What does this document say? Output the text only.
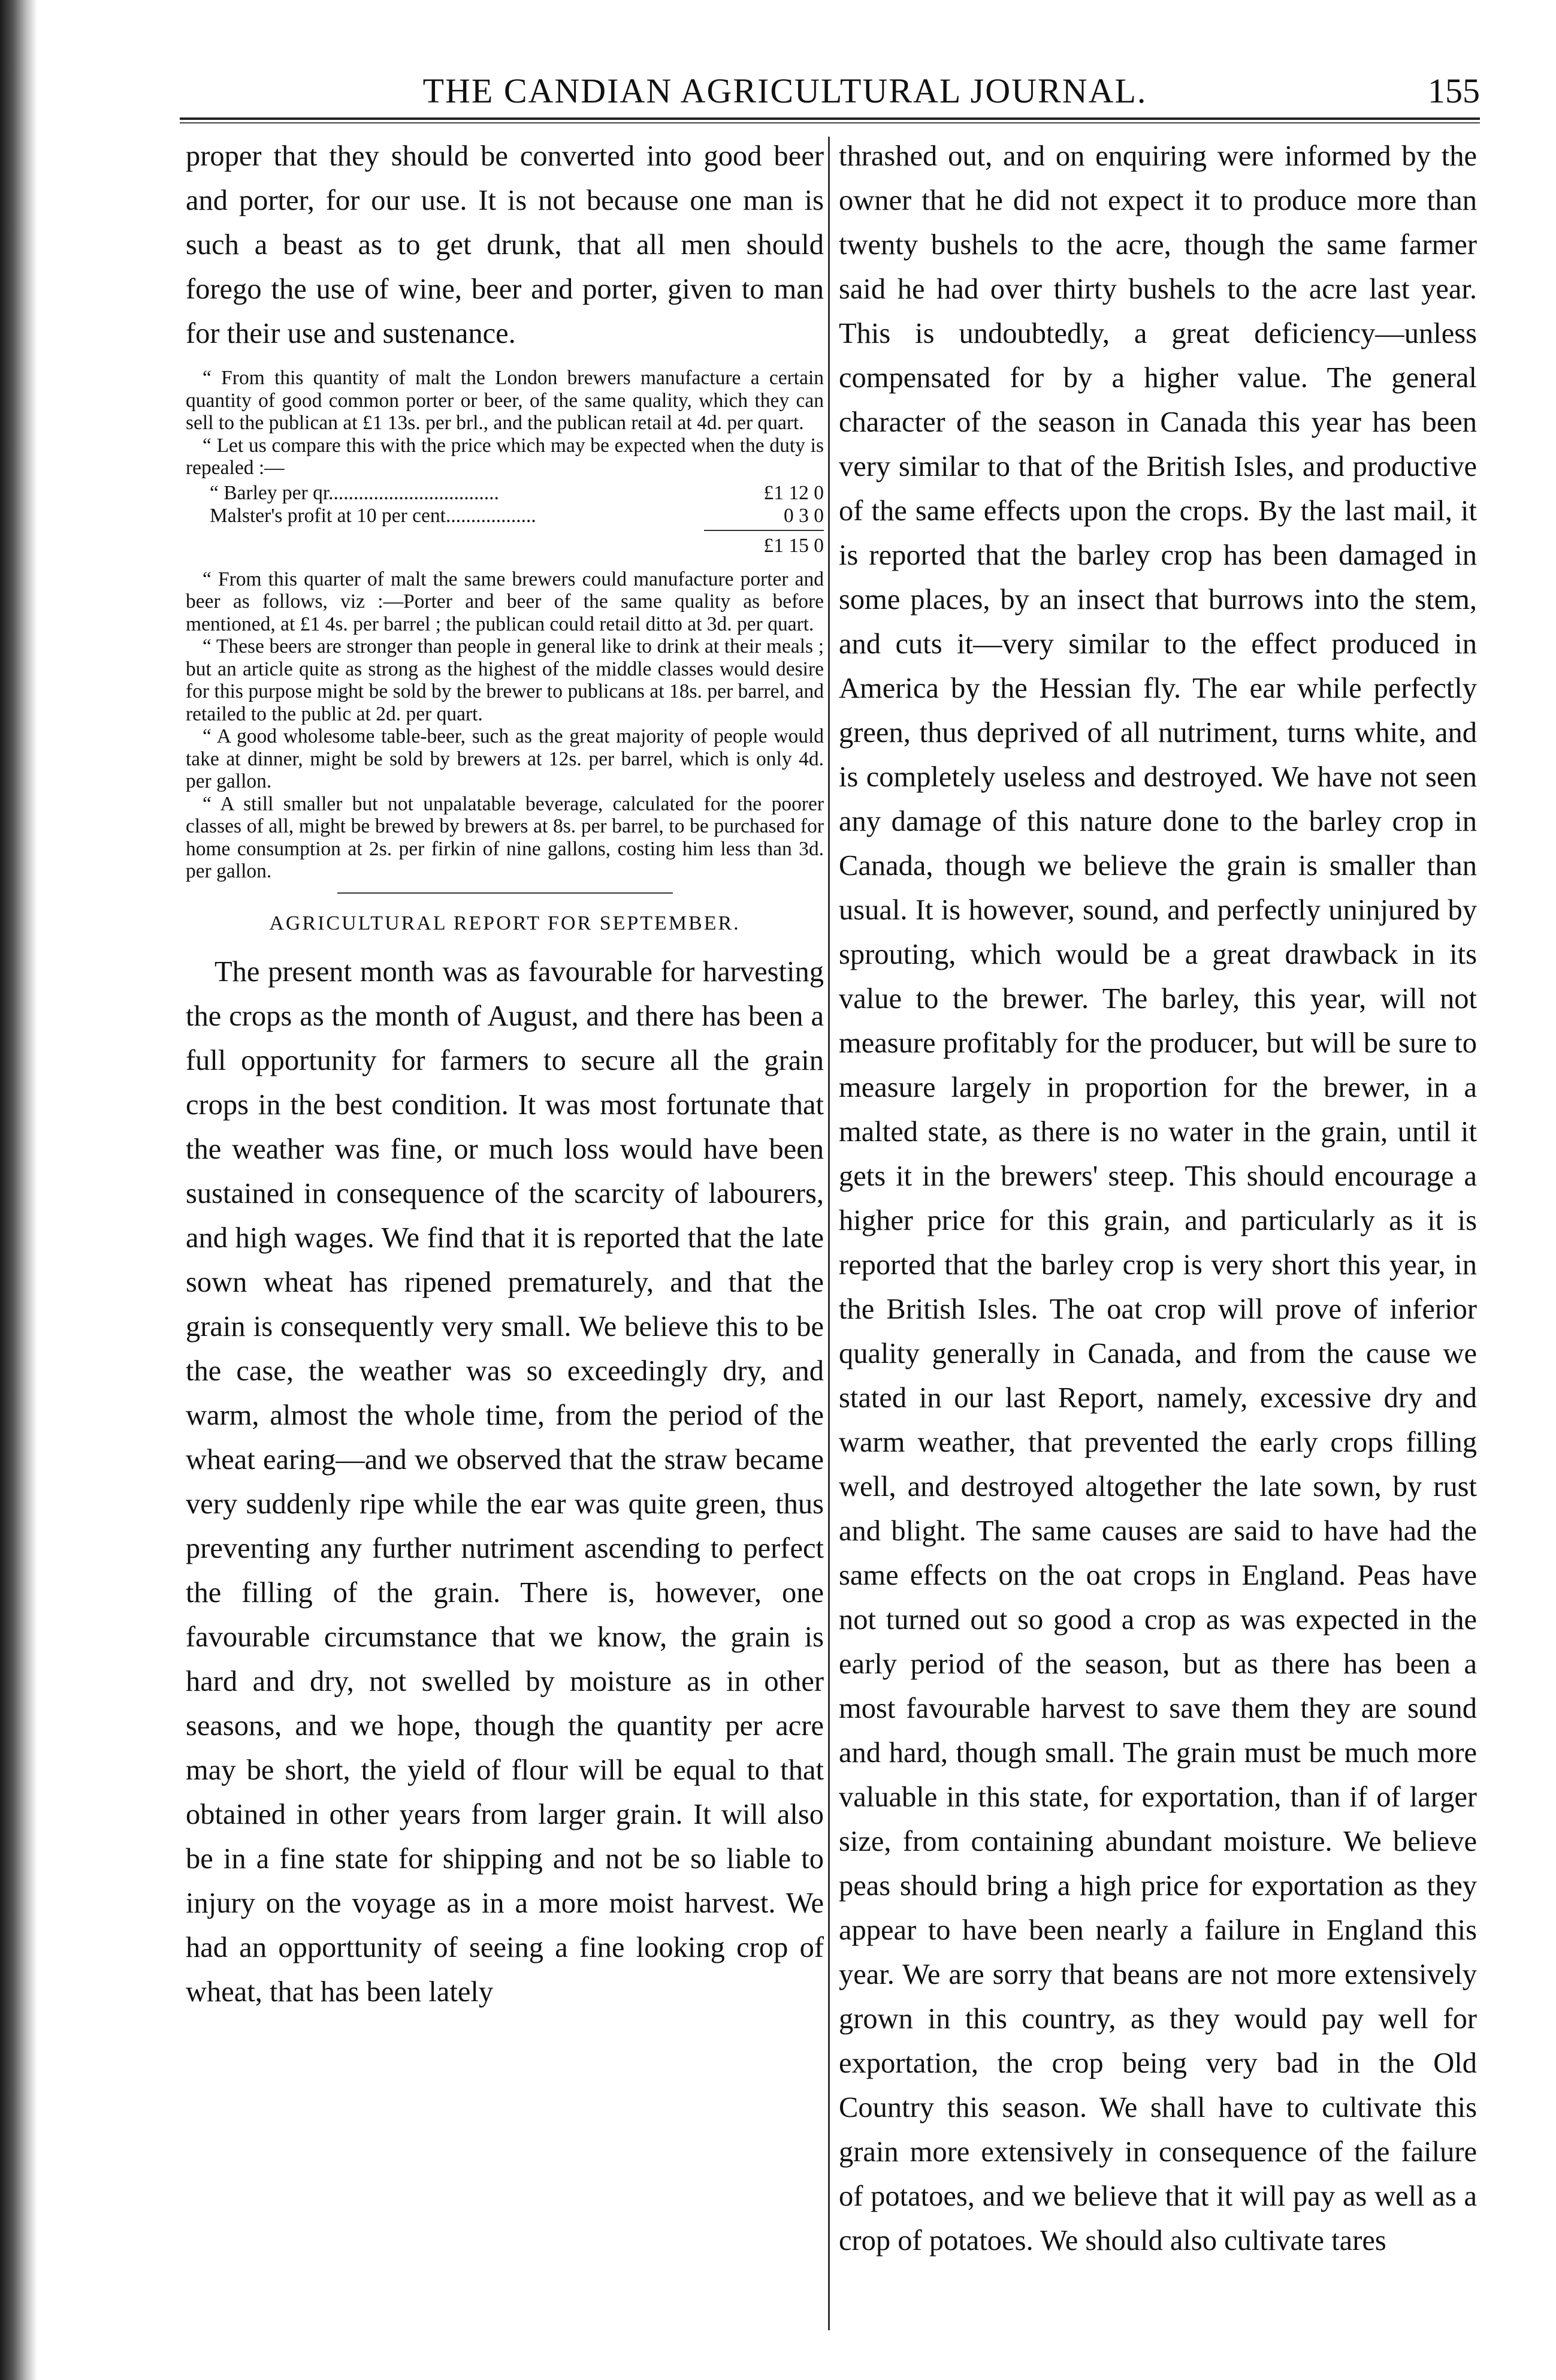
THE CANDIAN AGRICULTURAL JOURNAL.	155

proper that they should be converted into good beer and porter, for our use. It is not because one man is such a beast as to get drunk, that all men should forego the use of wine, beer and porter, given to man for their use and sustenance.

“ From this quantity of malt the London brewers manufacture a certain quantity of good common porter or beer, of the same quality, which they can sell to the publican at £1 13s. per brl., and the publican retail at 4d. per quart.

“ Let us compare this with the price which may be expected when the duty is repealed :—

“ Barley per qr..................................	£1 12 0
Malster's profit at 10 per cent..................	0 3 0
£1 15 0

“ From this quarter of malt the same brewers could manufacture porter and beer as follows, viz :—Porter and beer of the same quality as before mentioned, at £1 4s. per barrel ; the publican could retail ditto at 3d. per quart.

“ These beers are stronger than people in general like to drink at their meals ; but an article quite as strong as the highest of the middle classes would desire for this purpose might be sold by the brewer to publicans at 18s. per barrel, and retailed to the public at 2d. per quart.

“ A good wholesome table-beer, such as the great majority of people would take at dinner, might be sold by brewers at 12s. per barrel, which is only 4d. per gallon.

“ A still smaller but not unpalatable beverage, calculated for the poorer classes of all, might be brewed by brewers at 8s. per barrel, to be purchased for home consumption at 2s. per firkin of nine gallons, costing him less than 3d. per gallon.

AGRICULTURAL REPORT FOR SEPTEMBER.

The present month was as favourable for harvesting the crops as the month of August, and there has been a full opportunity for farmers to secure all the grain crops in the best condition. It was most fortunate that the weather was fine, or much loss would have been sustained in consequence of the scarcity of labourers, and high wages. We find that it is reported that the late sown wheat has ripened prematurely, and that the grain is consequently very small. We believe this to be the case, the weather was so exceedingly dry, and warm, almost the whole time, from the period of the wheat earing—and we observed that the straw became very suddenly ripe while the ear was quite green, thus preventing any further nutriment ascending to perfect the filling of the grain. There is, however, one favourable circumstance that we know, the grain is hard and dry, not swelled by moisture as in other seasons, and we hope, though the quantity per acre may be short, the yield of flour will be equal to that obtained in other years from larger grain. It will also be in a fine state for shipping and not be so liable to injury on the voyage as in a more moist harvest. We had an opporttunity of seeing a fine looking crop of wheat, that has been lately

thrashed out, and on enquiring were informed by the owner that he did not expect it to produce more than twenty bushels to the acre, though the same farmer said he had over thirty bushels to the acre last year. This is undoubtedly, a great deficiency—unless compensated for by a higher value. The general character of the season in Canada this year has been very similar to that of the British Isles, and productive of the same effects upon the crops. By the last mail, it is reported that the barley crop has been damaged in some places, by an insect that burrows into the stem, and cuts it—very similar to the effect produced in America by the Hessian fly. The ear while perfectly green, thus deprived of all nutriment, turns white, and is completely useless and destroyed. We have not seen any damage of this nature done to the barley crop in Canada, though we believe the grain is smaller than usual. It is however, sound, and perfectly uninjured by sprouting, which would be a great drawback in its value to the brewer. The barley, this year, will not measure profitably for the producer, but will be sure to measure largely in proportion for the brewer, in a malted state, as there is no water in the grain, until it gets it in the brewers' steep. This should encourage a higher price for this grain, and particularly as it is reported that the barley crop is very short this year, in the British Isles. The oat crop will prove of inferior quality generally in Canada, and from the cause we stated in our last Report, namely, excessive dry and warm weather, that prevented the early crops filling well, and destroyed altogether the late sown, by rust and blight. The same causes are said to have had the same effects on the oat crops in England. Peas have not turned out so good a crop as was expected in the early period of the season, but as there has been a most favourable harvest to save them they are sound and hard, though small. The grain must be much more valuable in this state, for exportation, than if of larger size, from containing abundant moisture. We believe peas should bring a high price for exportation as they appear to have been nearly a failure in England this year. We are sorry that beans are not more extensively grown in this country, as they would pay well for exportation, the crop being very bad in the Old Country this season. We shall have to cultivate this grain more extensively in consequence of the failure of potatoes, and we believe that it will pay as well as a crop of potatoes. We should also cultivate tares
